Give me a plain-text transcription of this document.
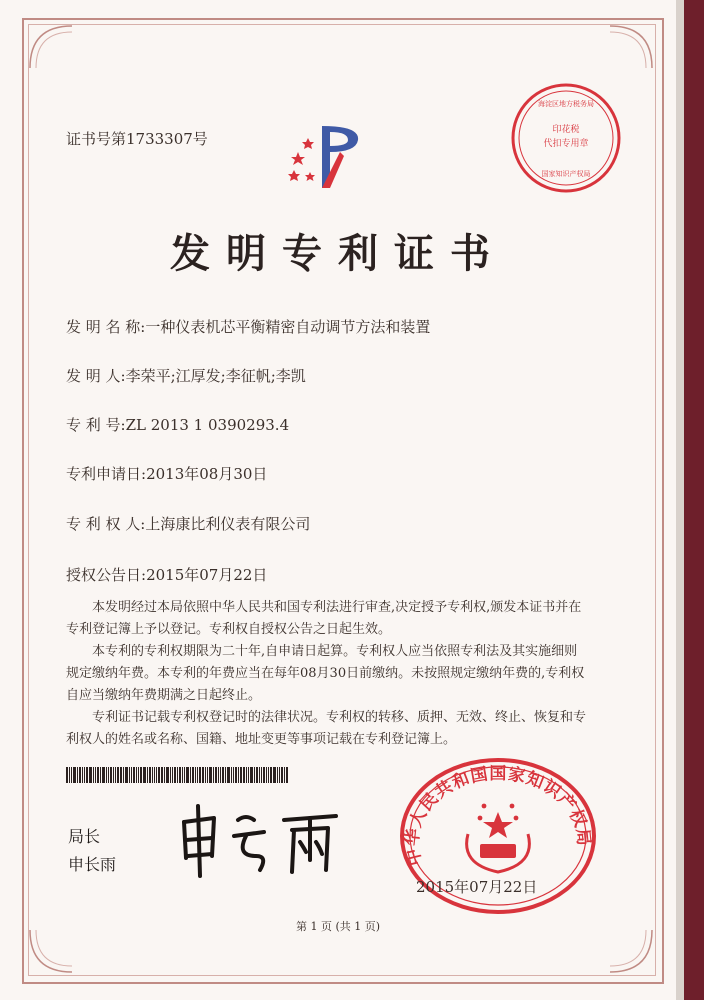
证书号第1733307号	印花税
代扣专用章
海淀区地方税务局
国家知识产权局
发明专利证书
发 明 名 称:一种仪表机芯平衡精密自动调节方法和装置
发 明 人:李荣平;江厚发;李征帆;李凯
专 利 号:ZL 2013 1 0390293.4
专利申请日:2013年08月30日
专 利 权 人:上海康比利仪表有限公司
授权公告日:2015年07月22日
本发明经过本局依照中华人民共和国专利法进行审查,决定授予专利权,颁发本证书并在专利登记簿上予以登记。专利权自授权公告之日起生效。
本专利的专利权期限为二十年,自申请日起算。专利权人应当依照专利法及其实施细则规定缴纳年费。本专利的年费应当在每年08月30日前缴纳。未按照规定缴纳年费的,专利权自应当缴纳年费期满之日起终止。
专利证书记载专利权登记时的法律状况。专利权的转移、质押、无效、终止、恢复和专利权人的姓名或名称、国籍、地址变更等事项记载在专利登记簿上。
局长
申长雨	中华人民共和国国家知识产权局
2015年07月22日
第 1 页 (共 1 页)
